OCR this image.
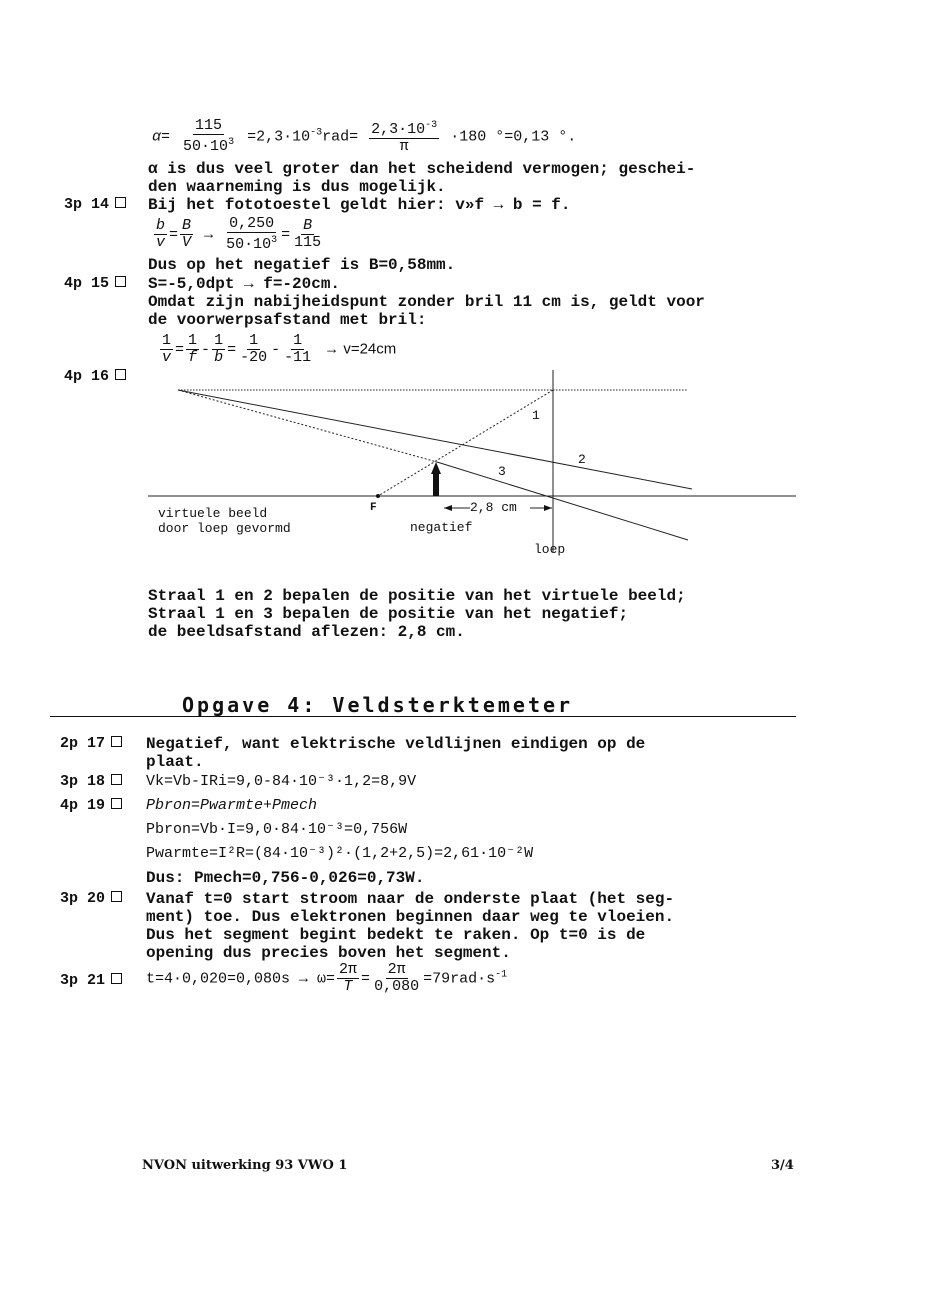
$\alpha= \frac{115}{50\cdot 10^3} =2,3\cdot 10^{-3}rad= \frac{2,3\cdot 10^{-3}}{\pi} \cdot 180$ °=0,13 °.
α is dus veel groter dan het scheidend vermogen; geschei-
den waarneming is dus mogelijk.
3p 14	Bij het fototoestel geldt hier: v»f → b = f.
$\frac{b}{v} = \frac{B}{V} \to \frac{0,250}{50\cdot 10^3} = \frac{B}{115}$
Dus op het negatief is B=0,58mm.
4p 15	S=-5,0dpt → f=-20cm.
Omdat zijn nabijheidspunt zonder bril 11 cm is, geldt voor
de voorwerpsafstand met bril:
$\frac{1}{v} = \frac{1}{f} - \frac{1}{b} = \frac{1}{-20} - \frac{1}{-11} \to v=24cm$
4p 16
1
2
3
virtuele beeld
door loep gevormd
F	2,8 cm
negatief
loep
Straal 1 en 2 bepalen de positie van het virtuele beeld;
Straal 1 en 3 bepalen de positie van het negatief;
de beeldsafstand aflezen: 2,8 cm.
Opgave 4: Veldsterktemeter
2p 17	Negatief, want elektrische veldlijnen eindigen op de
plaat.
3p 18	Vk=Vb-IRi=9,0-84·10⁻³·1,2=8,9V
4p 19	Pbron=Pwarmte+Pmech
Pbron=Vb·I=9,0·84·10⁻³=0,756W
Pwarmte=I²R=(84·10⁻³)²·(1,2+2,5)=2,61·10⁻²W
Dus: Pmech=0,756-0,026=0,73W.
3p 20	Vanaf t=0 start stroom naar de onderste plaat (het seg-
ment) toe. Dus elektronen beginnen daar weg te vloeien.
Dus het segment begint bedekt te raken. Op t=0 is de
opening dus precies boven het segment.
3p 21	$t=4\cdot 0,020=0,080s \to \omega= \frac{2\pi}{T} = \frac{2\pi}{0,080} =79rad\cdot s^{-1}$
NVON uitwerking 93 VWO 1	3/4
